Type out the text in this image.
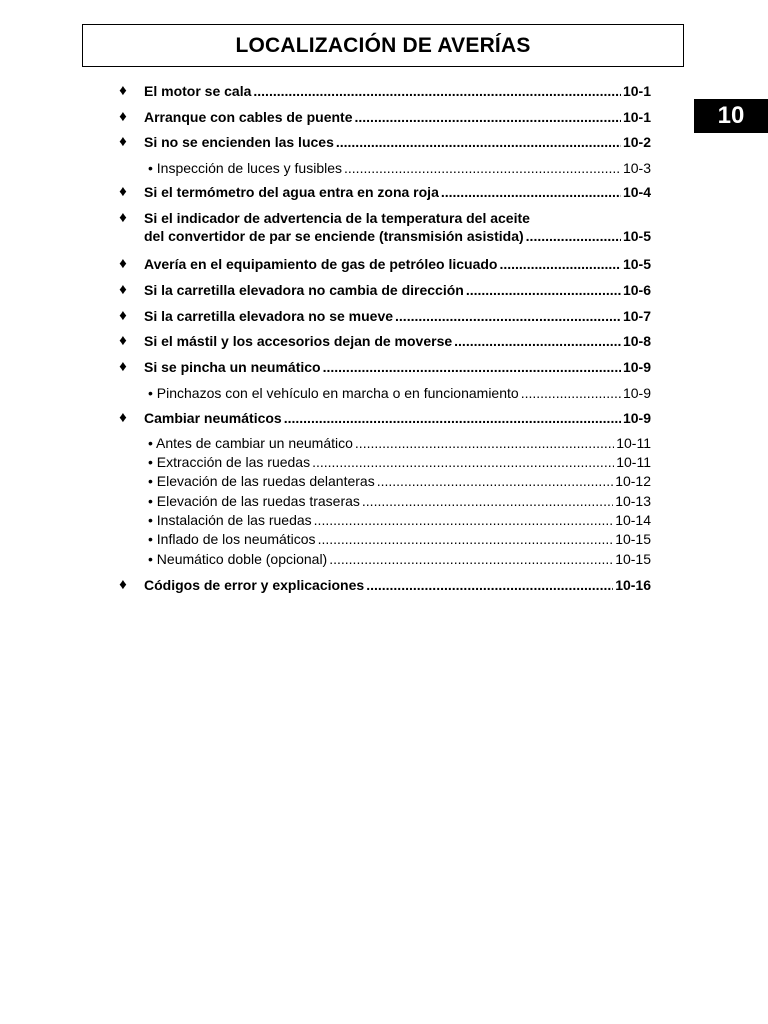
LOCALIZACIÓN DE AVERÍAS
10
♦ El motor se cala .....	10-1
♦ Arranque con cables de puente .....	10-1
♦ Si no se encienden las luces .....	10-2
• Inspección de luces y fusibles .....	10-3
♦ Si el termómetro del agua entra en zona roja .....	10-4
♦ Si el indicador de advertencia de la temperatura del aceite
del convertidor de par se enciende (transmisión asistida) .....	10-5
♦ Avería en el equipamiento de gas de petróleo licuado .....	10-5
♦ Si la carretilla elevadora no cambia de dirección .....	10-6
♦ Si la carretilla elevadora no se mueve .....	10-7
♦ Si el mástil y los accesorios dejan de moverse .....	10-8
♦ Si se pincha un neumático .....	10-9
• Pinchazos con el vehículo en marcha o en funcionamiento .....	10-9
♦ Cambiar neumáticos .....	10-9
• Antes de cambiar un neumático .....	10-11
• Extracción de las ruedas .....	10-11
• Elevación de las ruedas delanteras .....	10-12
• Elevación de las ruedas traseras .....	10-13
• Instalación de las ruedas .....	10-14
• Inflado de los neumáticos .....	10-15
• Neumático doble (opcional) .....	10-15
♦ Códigos de error y explicaciones .....	10-16
